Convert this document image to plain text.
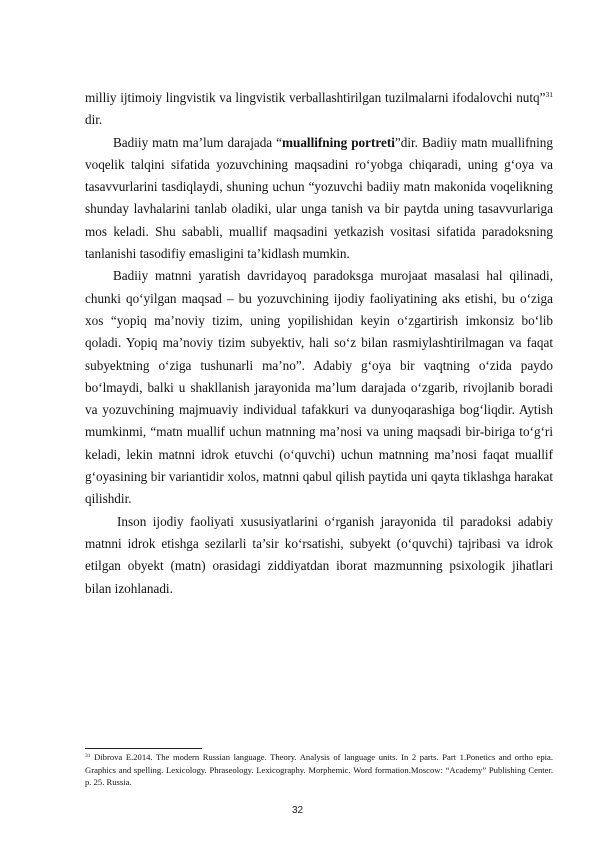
milliy ijtimoiy lingvistik va lingvistik verballashtirilgan tuzilmalarni ifodalovchi nutq”$^{31}$ dir.

Badiiy matn ma’lum darajada “muallifning portreti”dir. Badiiy matn muallifning voqelik talqini sifatida yozuvchining maqsadini ro‘yobga chiqaradi, uning g‘oya va tasavvurlarini tasdiqlaydi, shuning uchun “yozuvchi badiiy matn makonida voqelikning shunday lavhalarini tanlab oladiki, ular unga tanish va bir paytda uning tasavvurlariga mos keladi. Shu sababli, muallif maqsadini yetkazish vositasi sifatida paradoksning tanlanishi tasodifiy emasligini ta’kidlash mumkin.

Badiiy matnni yaratish davridayoq paradoksga murojaat masalasi hal qilinadi, chunki qo‘yilgan maqsad – bu yozuvchining ijodiy faoliyatining aks etishi, bu o‘ziga xos “yopiq ma’noviy tizim, uning yopilishidan keyin o‘zgartirish imkonsiz bo‘lib qoladi. Yopiq ma’noviy tizim subyektiv, hali so‘z bilan rasmiylashtirilmagan va faqat subyektning o‘ziga tushunarli ma’no”. Adabiy g‘oya bir vaqtning o‘zida paydo bo‘lmaydi, balki u shakllanish jarayonida ma’lum darajada o‘zgarib, rivojlanib boradi va yozuvchining majmuaviy individual tafakkuri va dunyoqarashiga bog‘liqdir. Aytish mumkinmi, “matn muallif uchun matnning ma’nosi va uning maqsadi bir-biriga to‘g‘ri keladi, lekin matnni idrok etuvchi (o‘quvchi) uchun matnning ma’nosi faqat muallif g‘oyasining bir variantidir xolos, matnni qabul qilish paytida uni qayta tiklashga harakat qilishdir.

Inson ijodiy faoliyati xususiyatlarini o‘rganish jarayonida til paradoksi adabiy matnni idrok etishga sezilarli ta’sir ko‘rsatishi, subyekt (o‘quvchi) tajribasi va idrok etilgan obyekt (matn) orasidagi ziddiyatdan iborat mazmunning psixologik jihatlari bilan izohlanadi.

$^{31}$ Dibrova E.2014. The modern Russian language. Theory. Analysis of language units. In 2 parts. Part 1.Ponetics and ortho epia. Graphics and spelling. Lexicology. Phraseology. Lexicography. Morphemic. Word formation.Moscow: “Academy” Publishing Center. p. 25. Russia.

32
